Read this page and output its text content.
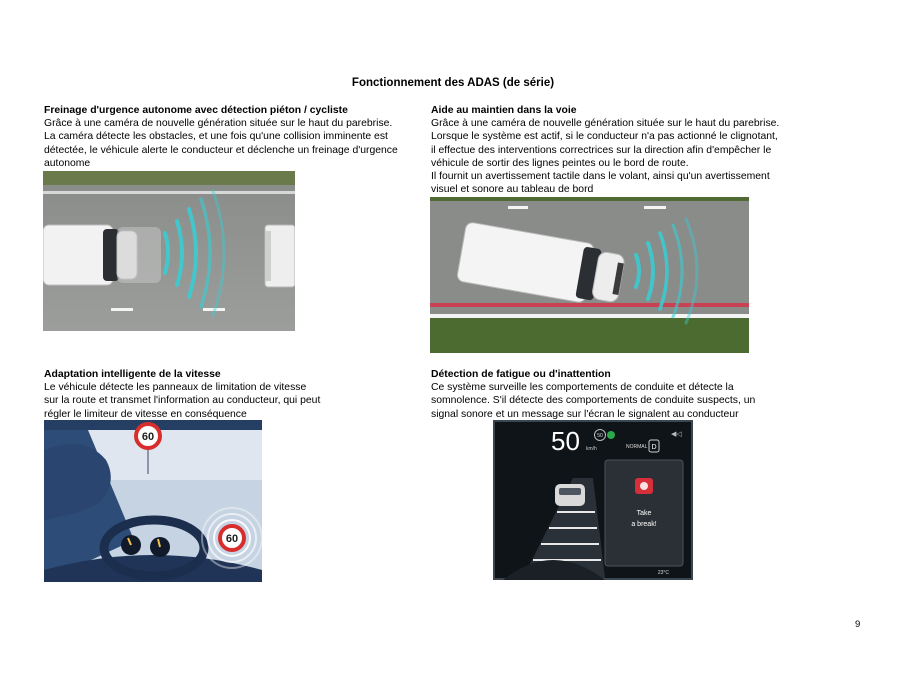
Fonctionnement des ADAS (de série)
Freinage d'urgence autonome avec détection piéton / cycliste

Grâce à une caméra de nouvelle génération située sur le haut du parebrise.

La caméra détecte les obstacles, et une fois qu'une collision imminente est

détectée, le véhicule alerte le conducteur et déclenche un freinage d'urgence

autonome

Aide au maintien dans la voie

Grâce à une caméra de nouvelle génération située sur le haut du parebrise.

Lorsque le système est actif, si le conducteur n'a pas actionné le clignotant,

il effectue des interventions correctrices sur la direction afin d'empêcher le

véhicule de sortir des lignes peintes ou le bord de route.

Il fournit un avertissement tactile dans le volant, ainsi qu'un avertissement

visuel et sonore au tableau de bord

Adaptation intelligente de la vitesse

Le véhicule détecte les panneaux de limitation de vitesse

sur la route et transmet l'information au conducteur, qui peut

régler le limiteur de vitesse en conséquence

Détection de fatigue ou d'inattention

Ce système surveille les comportements de conduite et détecte la

somnolence. S'il détecte des comportements de conduite suspects, un

signal sonore et un message sur l'écran le signalent au conducteur

60
60
50 km/h
50
NORMAL D
◀◁
Take
a break!
23°C
9
